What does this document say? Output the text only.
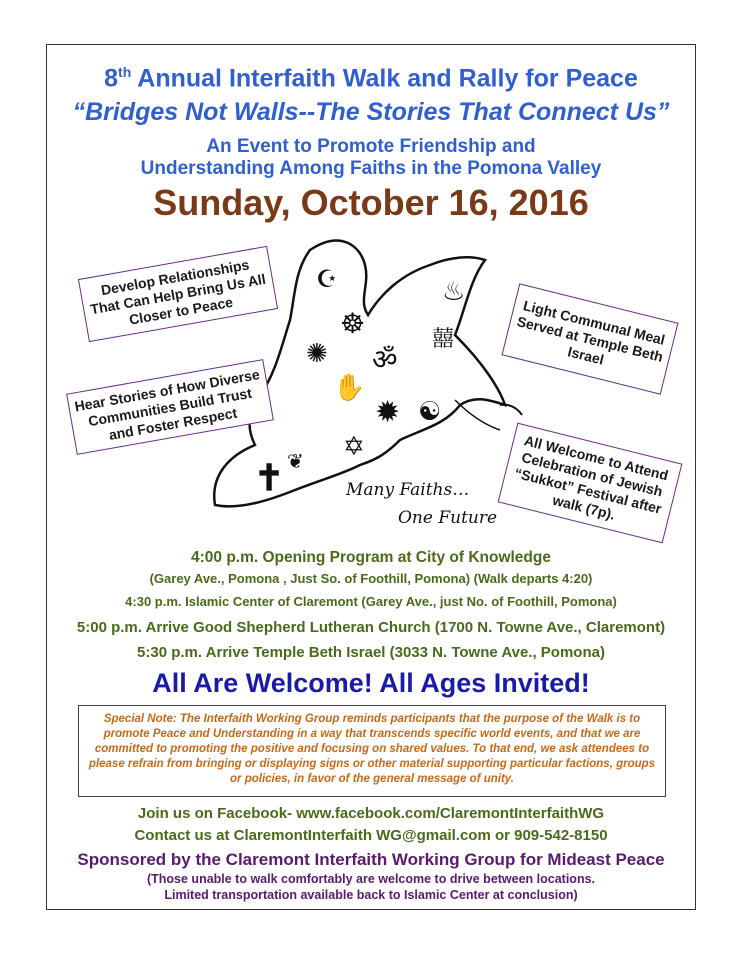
8th Annual Interfaith Walk and Rally for Peace
“Bridges Not Walls--The Stories That Connect Us”
An Event to Promote Friendship and
Understanding Among Faiths in the Pomona Valley
Sunday, October 16, 2016
☪
☸
ॐ
✺
✋
✹ ☯
✡
✝ ❦
♨
囍
Many Faiths…
One Future
Develop Relationships That Can Help Bring Us All Closer to Peace
Hear Stories of How Diverse Communities Build Trust and Foster Respect
Light Communal Meal Served at Temple Beth Israel
All Welcome to Attend Celebration of Jewish “Sukkot” Festival after walk (7p).
4:00 p.m. Opening Program at City of Knowledge
(Garey Ave., Pomona , Just So. of Foothill, Pomona) (Walk departs 4:20)
4:30 p.m. Islamic Center of Claremont (Garey Ave., just No. of Foothill, Pomona)
5:00 p.m. Arrive Good Shepherd Lutheran Church (1700 N. Towne Ave., Claremont)
5:30 p.m. Arrive Temple Beth Israel (3033 N. Towne Ave., Pomona)
All Are Welcome! All Ages Invited!
Special Note: The Interfaith Working Group reminds participants that the purpose of the Walk is to promote Peace and Understanding in a way that transcends specific world events, and that we are committed to promoting the positive and focusing on shared values. To that end, we ask attendees to please refrain from bringing or displaying signs or other material supporting particular factions, groups or policies, in favor of the general message of unity.
Join us on Facebook- www.facebook.com/ClaremontInterfaithWG
Contact us at ClaremontInterfaith WG@gmail.com or 909-542-8150
Sponsored by the Claremont Interfaith Working Group for Mideast Peace
(Those unable to walk comfortably are welcome to drive between locations.
Limited transportation available back to Islamic Center at conclusion)
